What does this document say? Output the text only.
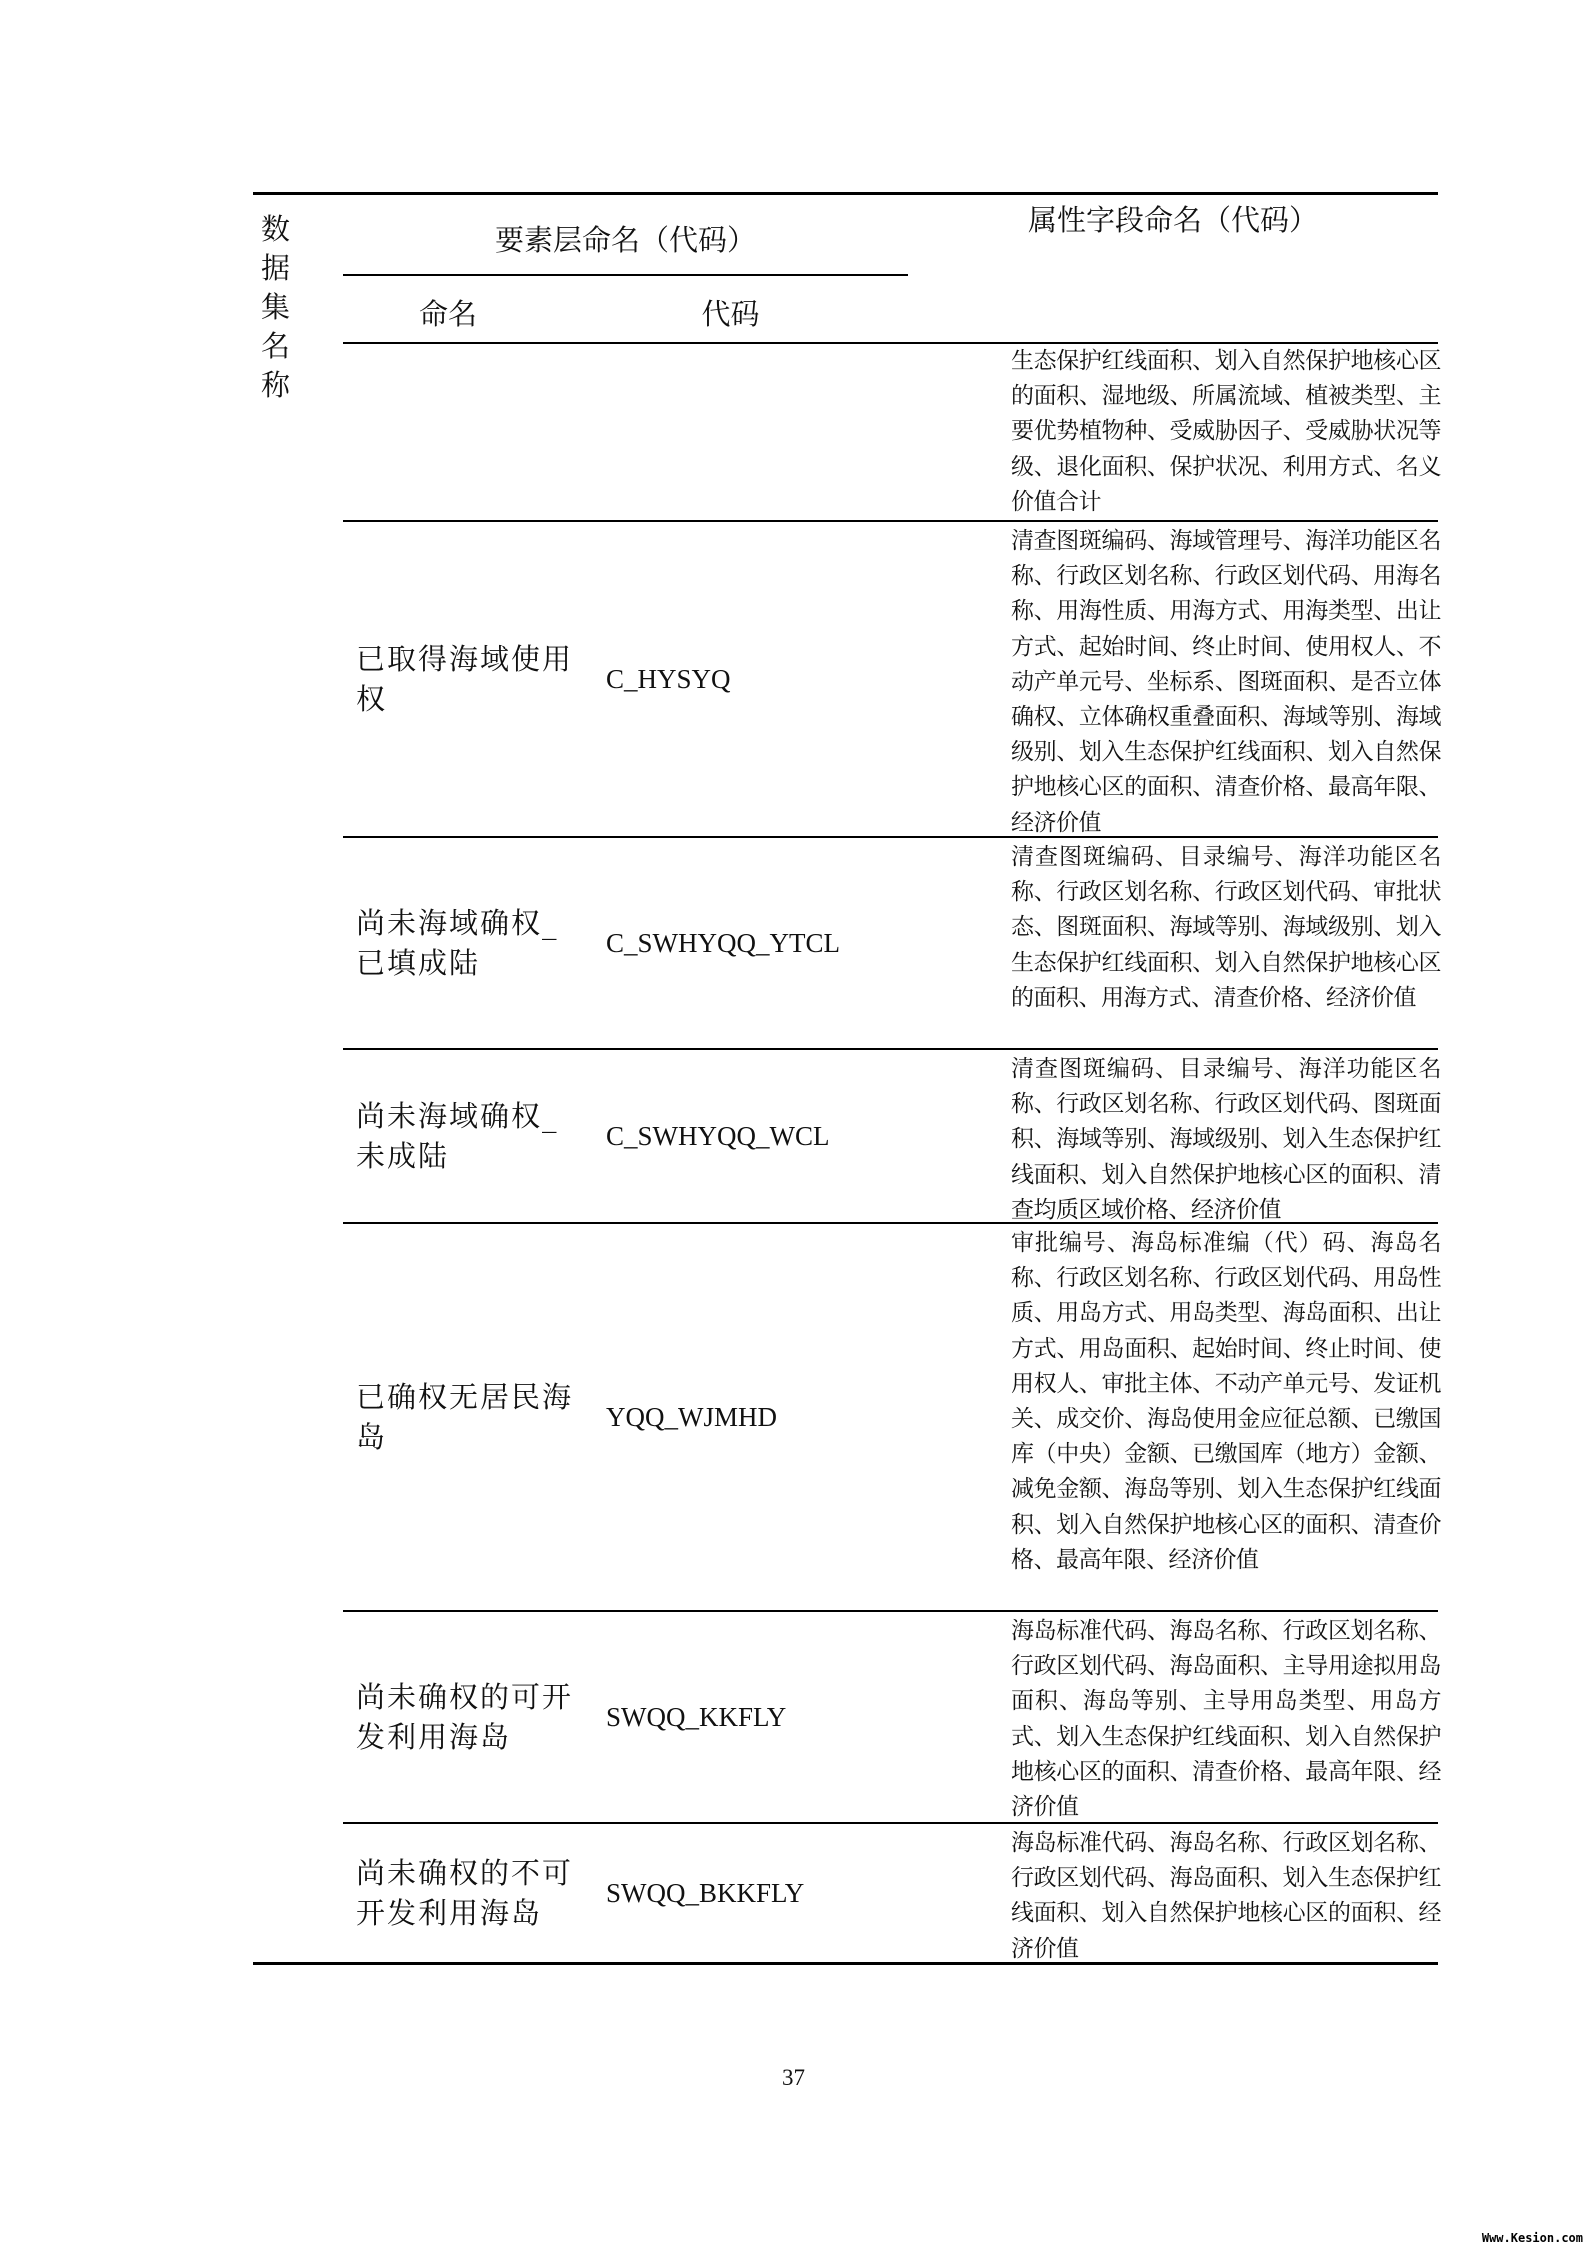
数据集名称
要素层命名（代码）
属性字段命名（代码）
命名	代码
生态保护红线面积、划入自然保护地核心区的面积、湿地级、所属流域、植被类型、主要优势植物种、受威胁因子、受威胁状况等级、退化面积、保护状况、利用方式、名义价值合计
已取得海域使用权
C_HYSYQ
清查图斑编码、海域管理号、海洋功能区名称、行政区划名称、行政区划代码、用海名称、用海性质、用海方式、用海类型、出让方式、起始时间、终止时间、使用权人、不动产单元号、坐标系、图斑面积、是否立体确权、立体确权重叠面积、海域等别、海域级别、划入生态保护红线面积、划入自然保护地核心区的面积、清查价格、最高年限、经济价值
尚未海域确权_已填成陆
C_SWHYQQ_YTCL
清查图斑编码、目录编号、海洋功能区名称、行政区划名称、行政区划代码、审批状态、图斑面积、海域等别、海域级别、划入生态保护红线面积、划入自然保护地核心区的面积、用海方式、清查价格、经济价值
尚未海域确权_未成陆
C_SWHYQQ_WCL
清查图斑编码、目录编号、海洋功能区名称、行政区划名称、行政区划代码、图斑面积、海域等别、海域级别、划入生态保护红线面积、划入自然保护地核心区的面积、清查均质区域价格、经济价值
已确权无居民海岛
YQQ_WJMHD
审批编号、海岛标准编（代）码、海岛名称、行政区划名称、行政区划代码、用岛性质、用岛方式、用岛类型、海岛面积、出让方式、用岛面积、起始时间、终止时间、使用权人、审批主体、不动产单元号、发证机关、成交价、海岛使用金应征总额、已缴国库（中央）金额、已缴国库（地方）金额、减免金额、海岛等别、划入生态保护红线面积、划入自然保护地核心区的面积、清查价格、最高年限、经济价值
尚未确权的可开发利用海岛
SWQQ_KKFLY
海岛标准代码、海岛名称、行政区划名称、行政区划代码、海岛面积、主导用途拟用岛面积、海岛等别、主导用岛类型、用岛方式、划入生态保护红线面积、划入自然保护地核心区的面积、清查价格、最高年限、经济价值
尚未确权的不可开发利用海岛
SWQQ_BKKFLY
海岛标准代码、海岛名称、行政区划名称、行政区划代码、海岛面积、划入生态保护红线面积、划入自然保护地核心区的面积、经济价值
37
Www.Kesion.com
